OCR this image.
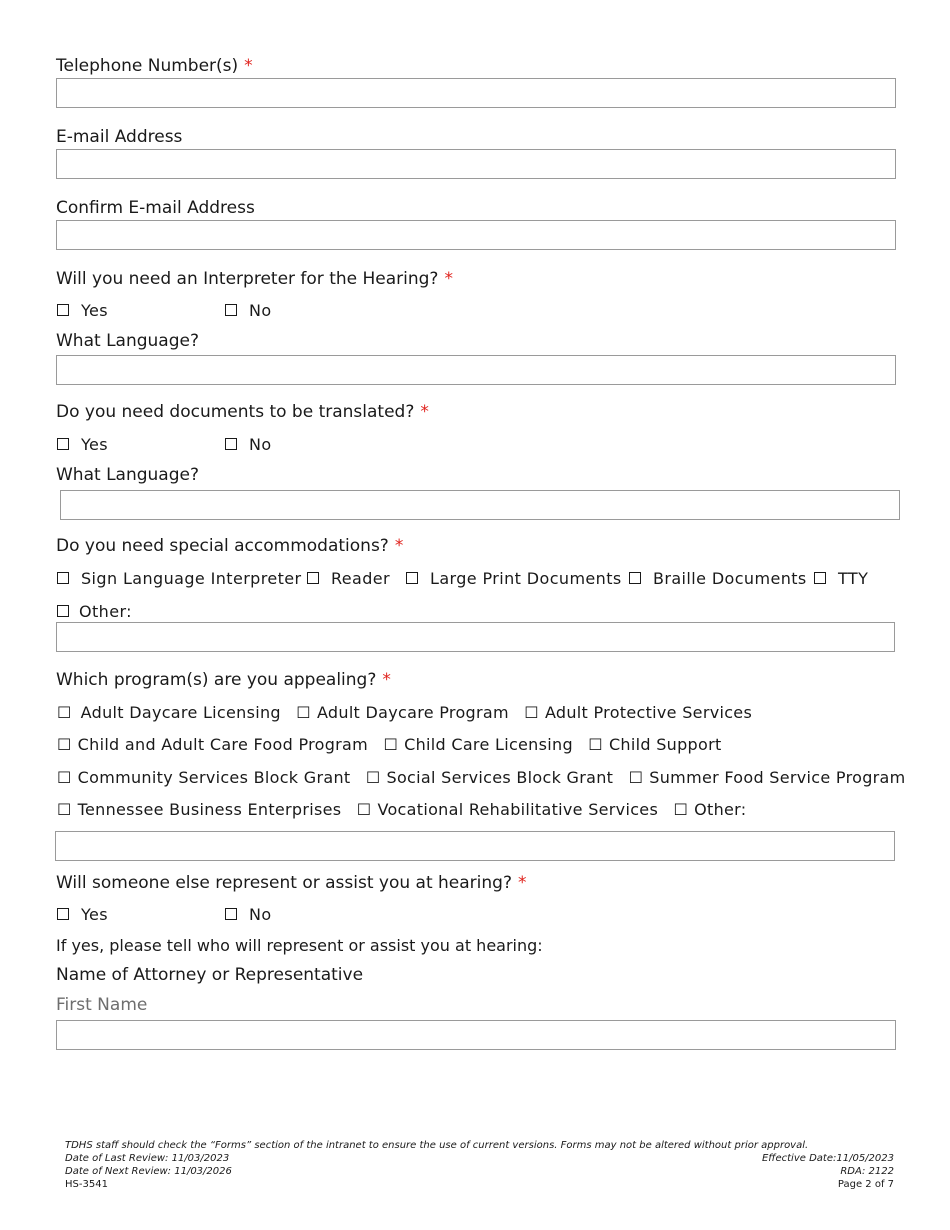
Telephone Number(s) *
E-mail Address
Confirm E-mail Address
Will you need an Interpreter for the Hearing? *
Yes	No
What Language?
Do you need documents to be translated? *
Yes	No
What Language?
Do you need special accommodations? *
Sign Language Interpreter	Reader	Large Print Documents	Braille Documents	TTY
Other:
Which program(s) are you appealing? *
☐ Adult Daycare Licensing ☐ Adult Daycare Program ☐ Adult Protective Services
☐ Child and Adult Care Food Program ☐ Child Care Licensing ☐ Child Support
☐ Community Services Block Grant ☐ Social Services Block Grant ☐ Summer Food Service Program
☐ Tennessee Business Enterprises ☐ Vocational Rehabilitative Services ☐ Other:
Will someone else represent or assist you at hearing? *
Yes	No
If yes, please tell who will represent or assist you at hearing:
Name of Attorney or Representative
First Name
TDHS staff should check the “Forms” section of the intranet to ensure the use of current versions. Forms may not be altered without prior approval.
Date of Last Review: 11/03/2023
Date of Next Review: 11/03/2026
HS-3541
Effective Date:11/05/2023
RDA: 2122
Page 2 of 7
